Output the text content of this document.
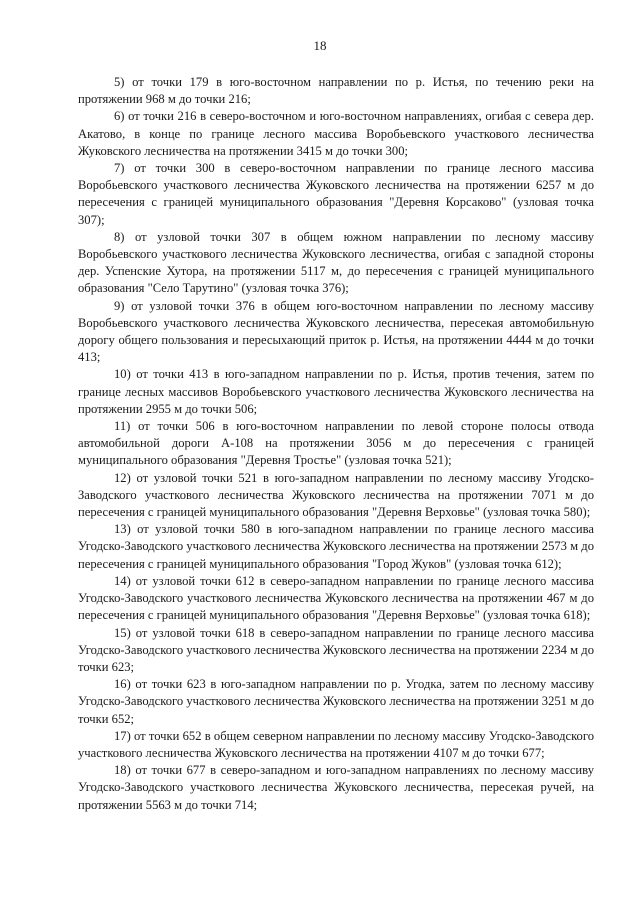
18

5) от точки 179 в юго-восточном направлении по р. Истья, по течению реки на протяжении 968 м до точки 216;

6) от точки 216 в северо-восточном и юго-восточном направлениях, огибая с севера дер. Акатово, в конце по границе лесного массива Воробьевского участкового лесничества Жуковского лесничества на протяжении 3415 м до точки 300;

7) от точки 300 в северо-восточном направлении по границе лесного массива Воробьевского участкового лесничества Жуковского лесничества на протяжении 6257 м до пересечения с границей муниципального образования "Деревня Корсаково" (узловая точка 307);

8) от узловой точки 307 в общем южном направлении по лесному массиву Воробьевского участкового лесничества Жуковского лесничества, огибая с западной стороны дер. Успенские Хутора, на протяжении 5117 м, до пересечения с границей муниципального образования "Село Тарутино" (узловая точка 376);

9) от узловой точки 376 в общем юго-восточном направлении по лесному массиву Воробьевского участкового лесничества Жуковского лесничества, пересекая автомобильную дорогу общего пользования и пересыхающий приток р. Истья, на протяжении 4444 м до точки 413;

10) от точки 413 в юго-западном направлении по р. Истья, против течения, затем по границе лесных массивов Воробьевского участкового лесничества Жуковского лесничества на протяжении 2955 м до точки 506;

11) от точки 506 в юго-восточном направлении по левой стороне полосы отвода автомобильной дороги А-108 на протяжении 3056 м до пересечения с границей муниципального образования "Деревня Тростье" (узловая точка 521);

12) от узловой точки 521 в юго-западном направлении по лесному массиву Угодско-Заводского участкового лесничества Жуковского лесничества на протяжении 7071 м до пересечения с границей муниципального образования "Деревня Верховье" (узловая точка 580);

13) от узловой точки 580 в юго-западном направлении по границе лесного массива Угодско-Заводского участкового лесничества Жуковского лесничества на протяжении 2573 м до пересечения с границей муниципального образования "Город Жуков" (узловая точка 612);

14) от узловой точки 612 в северо-западном направлении по границе лесного массива Угодско-Заводского участкового лесничества Жуковского лесничества на протяжении 467 м до пересечения с границей муниципального образования "Деревня Верховье" (узловая точка 618);

15) от узловой точки 618 в северо-западном направлении по границе лесного массива Угодско-Заводского участкового лесничества Жуковского лесничества на протяжении 2234 м до точки 623;

16) от точки 623 в юго-западном направлении по р. Угодка, затем по лесному массиву Угодско-Заводского участкового лесничества Жуковского лесничества на протяжении 3251 м до точки 652;

17) от точки 652 в общем северном направлении по лесному массиву Угодско-Заводского участкового лесничества Жуковского лесничества на протяжении 4107 м до точки 677;

18) от точки 677 в северо-западном и юго-западном направлениях по лесному массиву Угодско-Заводского участкового лесничества Жуковского лесничества, пересекая ручей, на протяжении 5563 м до точки 714;
